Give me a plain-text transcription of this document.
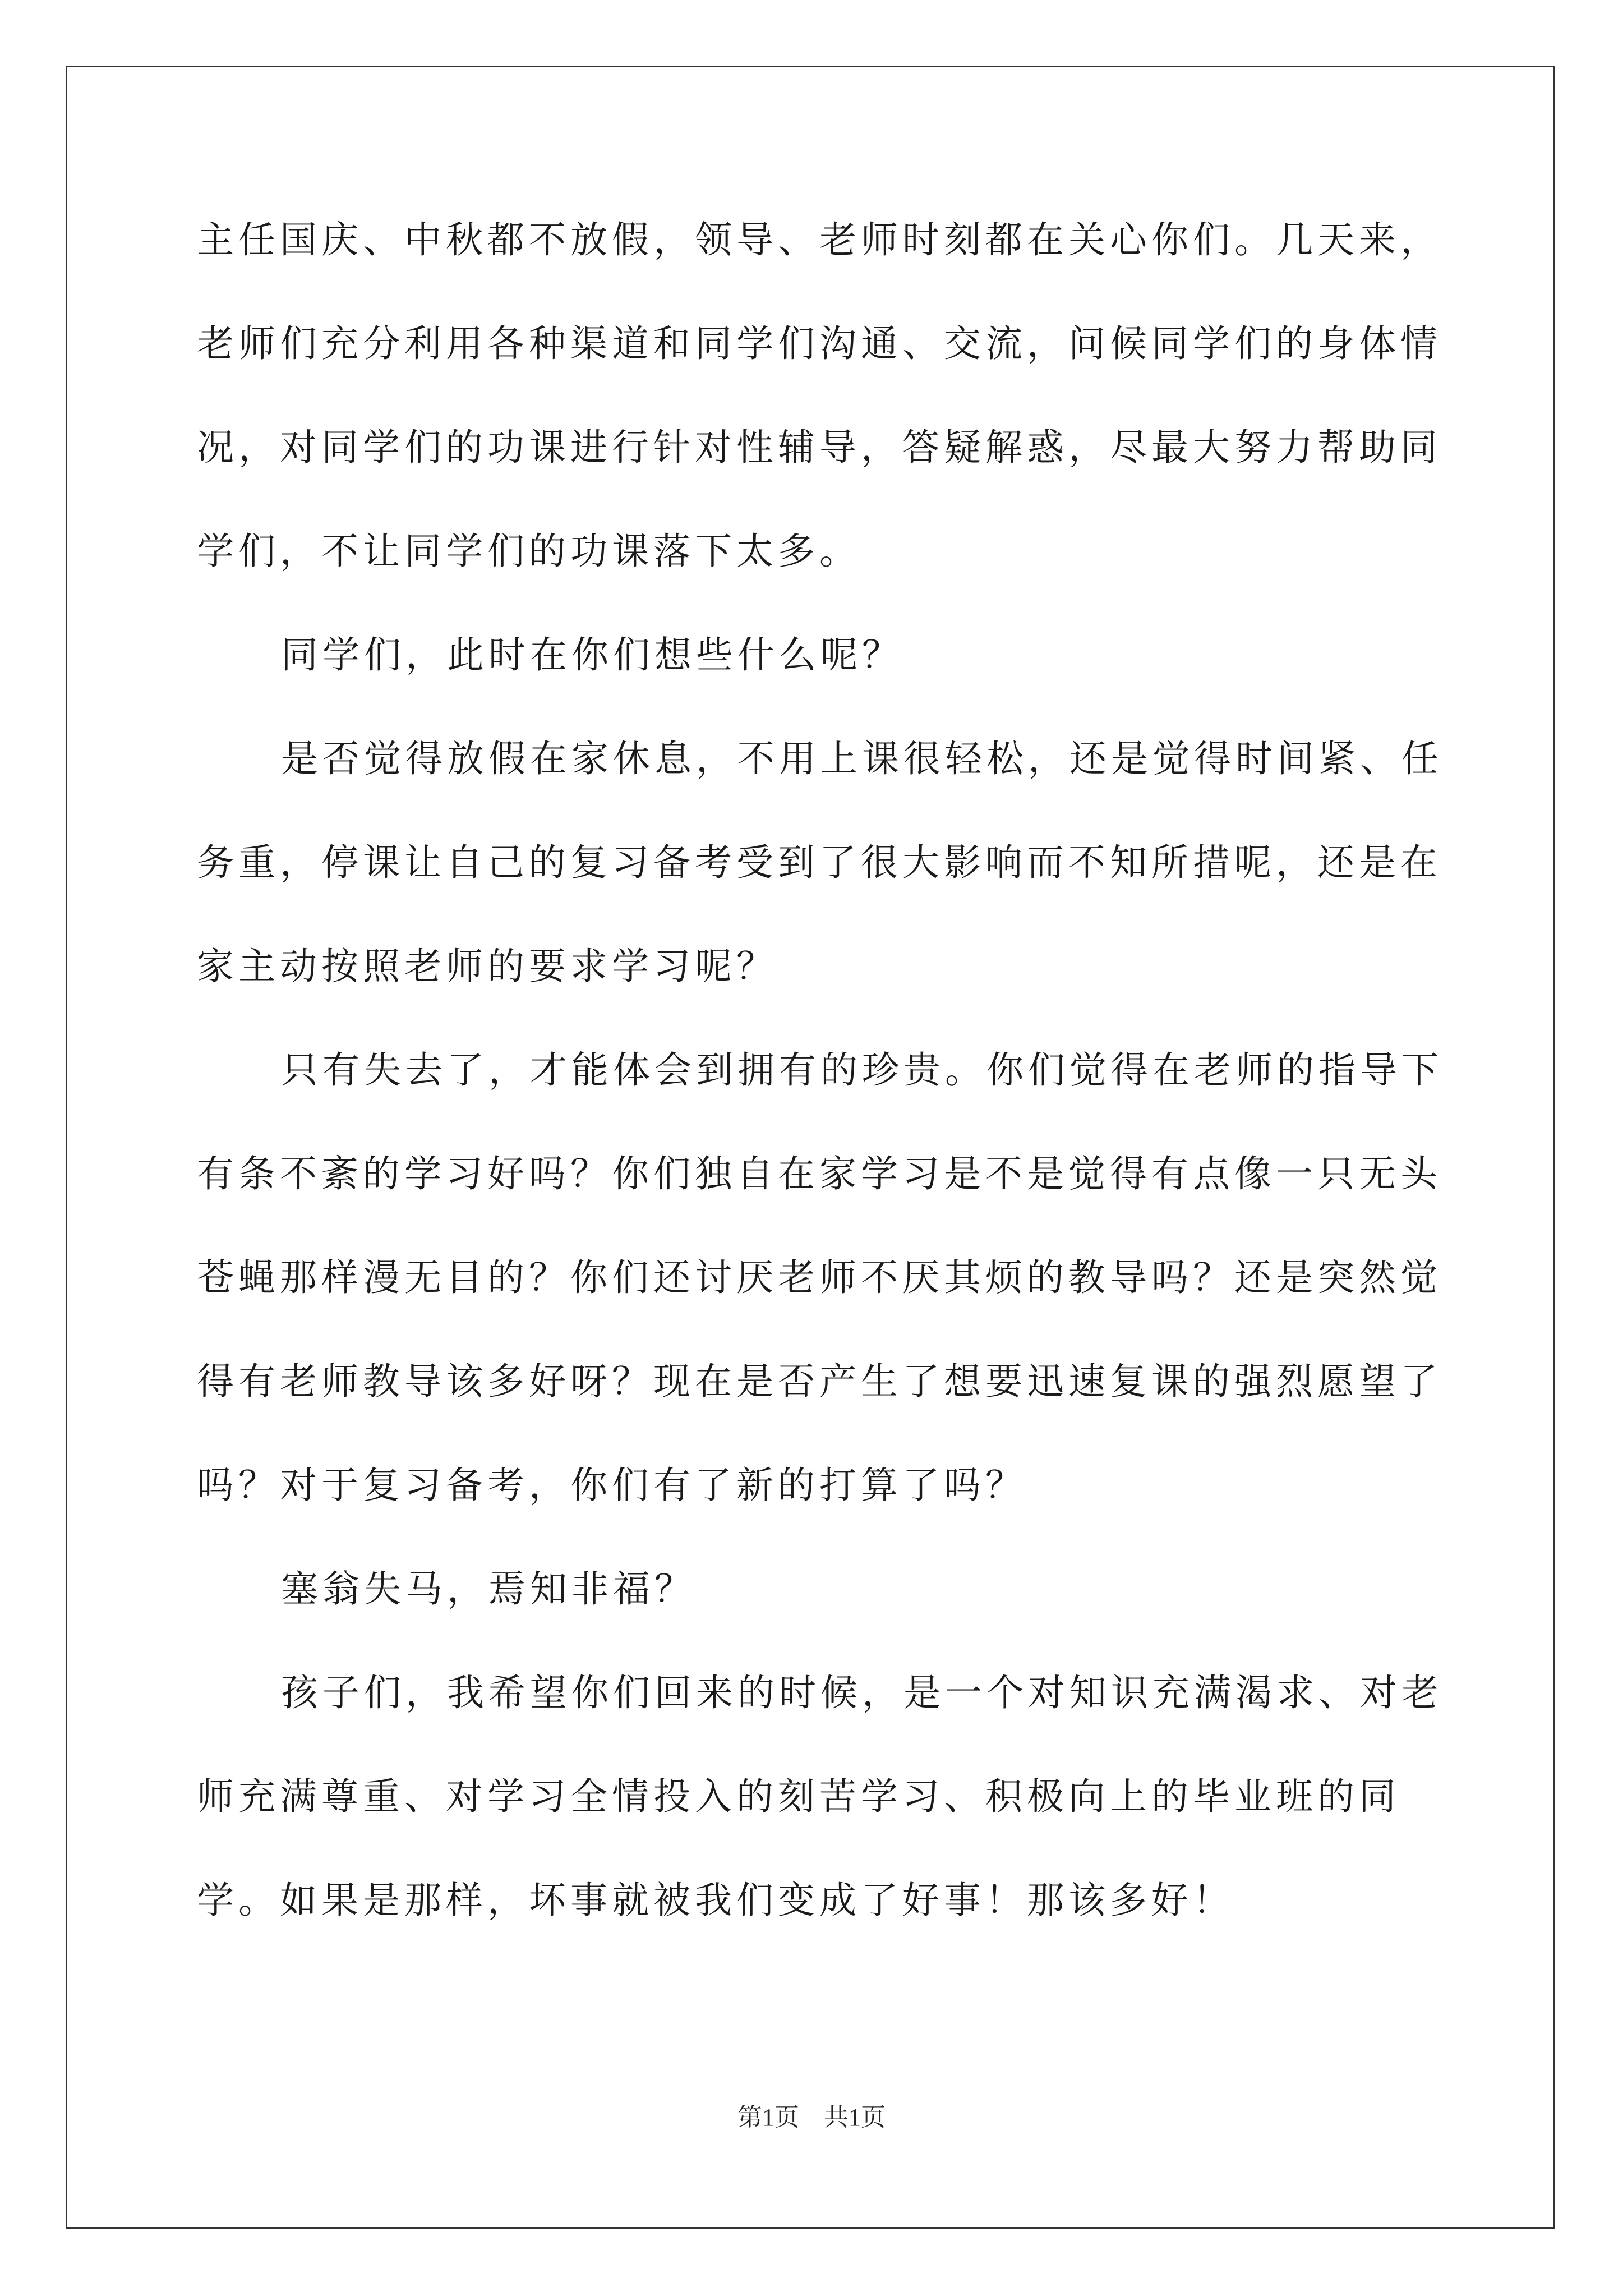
主任国庆、中秋都不放假，领导、老师时刻都在关心你们。几天来，老师们充分利用各种渠道和同学们沟通、交流，问候同学们的身体情况，对同学们的功课进行针对性辅导，答疑解惑，尽最大努力帮助同学们，不让同学们的功课落下太多。

同学们，此时在你们想些什么呢？

是否觉得放假在家休息，不用上课很轻松，还是觉得时间紧、任务重，停课让自己的复习备考受到了很大影响而不知所措呢，还是在家主动按照老师的要求学习呢？

只有失去了，才能体会到拥有的珍贵。你们觉得在老师的指导下有条不紊的学习好吗？你们独自在家学习是不是觉得有点像一只无头苍蝇那样漫无目的？你们还讨厌老师不厌其烦的教导吗？还是突然觉得有老师教导该多好呀？现在是否产生了想要迅速复课的强烈愿望了吗？对于复习备考，你们有了新的打算了吗？

塞翁失马，焉知非福？

孩子们，我希望你们回来的时候，是一个对知识充满渴求、对老师充满尊重、对学习全情投入的刻苦学习、积极向上的毕业班的同学。如果是那样，坏事就被我们变成了好事！那该多好！

第1页　共1页
